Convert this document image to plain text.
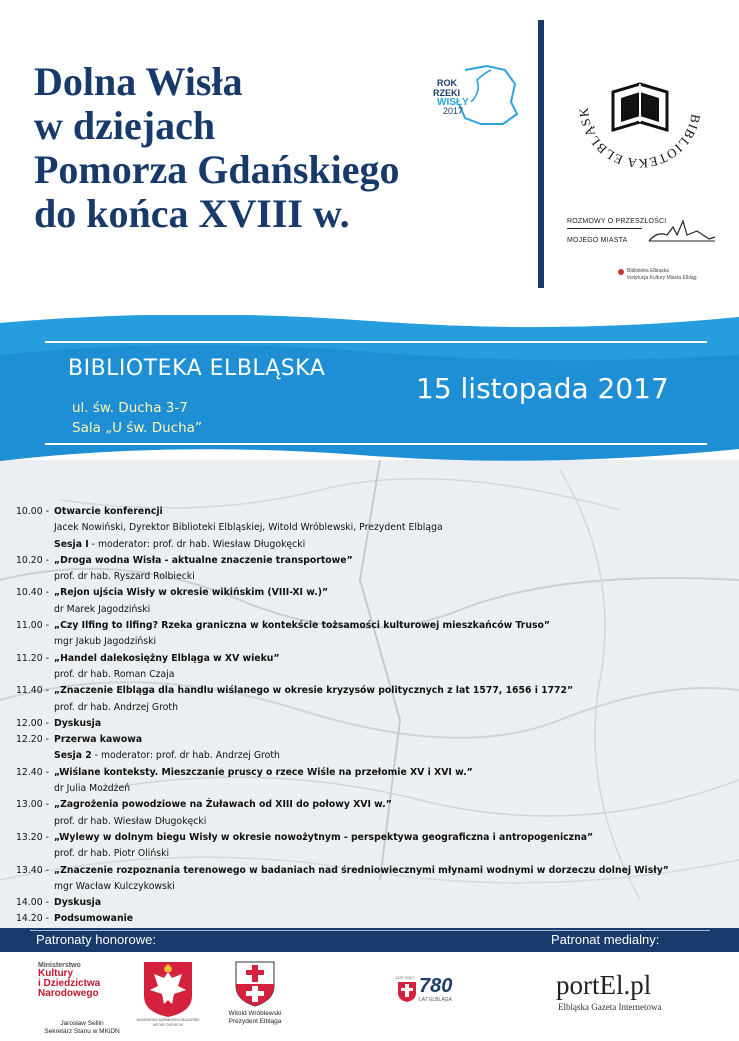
Dolna Wisła
w dziejach
Pomorza Gdańskiego
do końca XVIII w.
ROK
RZEKI
WISŁY
2017
BIBLIOTEKA ELBLĄSK
ROZMOWY O PRZESZŁOŚCI
MOJEGO MIASTA
Biblioteka Elbląska
Instytucja Kultury Miasta Elbląg
BIBLIOTEKA ELBLĄSKA
ul. św. Ducha 3-7
Sala „U św. Ducha”
15 listopada 2017
10.00 -Otwarcie konferencji
Jacek Nowiński, Dyrektor Biblioteki Elbląskiej, Witold Wróblewski, Prezydent Elbląga
Sesja I - moderator: prof. dr hab. Wiesław Długokęcki
10.20 -„Droga wodna Wisła - aktualne znaczenie transportowe”
prof. dr hab. Ryszard Rolbiecki
10.40 -„Rejon ujścia Wisły w okresie wikińskim (VIII-XI w.)”
dr Marek Jagodziński
11.00 -„Czy Ilfing to Ilfing? Rzeka graniczna w kontekście tożsamości kulturowej mieszkańców Truso”
mgr Jakub Jagodziński
11.20 -„Handel dalekosiężny Elbląga w XV wieku”
prof. dr hab. Roman Czaja
11.40 -„Znaczenie Elbląga dla handlu wiślanego w okresie kryzysów politycznych z lat 1577, 1656 i 1772”
prof. dr hab. Andrzej Groth
12.00 -Dyskusja
12.20 -Przerwa kawowa
Sesja 2 - moderator: prof. dr hab. Andrzej Groth
12.40 -„Wiślane konteksty. Mieszczanie pruscy o rzece Wiśle na przełomie XV i XVI w.”
dr Julia Możdżeń
13.00 -„Zagrożenia powodziowe na Żuławach od XIII do połowy XVI w.”
prof. dr hab. Wiesław Długokęcki
13.20 -„Wylewy w dolnym biegu Wisły w okresie nowożytnym - perspektywa geograficzna i antropogeniczna”
prof. dr hab. Piotr Oliński
13.40 -„Znaczenie rozpoznania terenowego w badaniach nad średniowiecznymi młynami wodnymi w dorzeczu dolnej Wisły”
mgr Wacław Kulczykowski
14.00 -Dyskusja
14.20 -Podsumowanie
Patronaty honorowe:	Patronat medialny:
Ministerstwo
Kultury
i Dziedzictwa
Narodowego
Jarosław Sellin
Sekretarz Stanu w MKiDN
WOJEWODA WARMIŃSKO-MAZURSKI ARTUR CHOJECKI
Witold Wróblewski
Prezydent Elbląga
1237-2017 780
LAT ELBLĄGA	portEl.pl
Elbląska Gazeta Internetowa
